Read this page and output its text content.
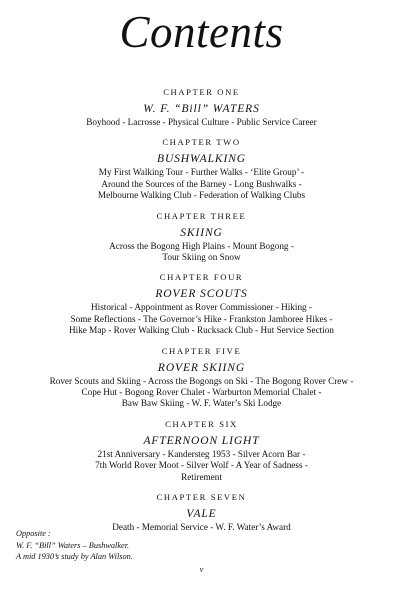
Contents
CHAPTER ONE
W. F. “Bill” WATERS
Boyhood - Lacrosse - Physical Culture - Public Service Career
CHAPTER TWO
BUSHWALKING
My First Walking Tour - Further Walks - ‘Elite Group’ -
Around the Sources of the Barney - Long Bushwalks -
Melbourne Walking Club - Federation of Walking Clubs
CHAPTER THREE
SKIING
Across the Bogong High Plains - Mount Bogong -
Tour Skiing on Snow
CHAPTER FOUR
ROVER SCOUTS
Historical - Appointment as Rover Commissioner - Hiking -
Some Reflections - The Governor’s Hike - Frankston Jamboree Hikes -
Hike Map - Rover Walking Club - Rucksack Club - Hut Service Section
CHAPTER FIVE
ROVER SKIING
Rover Scouts and Skiing - Across the Bogongs on Ski - The Bogong Rover Crew -
Cope Hut - Bogong Rover Chalet - Warburton Memorial Chalet -
Baw Baw Skiing - W. F. Water’s Ski Lodge
CHAPTER SIX
AFTERNOON LIGHT
21st Anniversary - Kandersteg 1953 - Silver Acorn Bar -
7th World Rover Moot - Silver Wolf - A Year of Sadness -
Retirement
CHAPTER SEVEN
VALE
Death - Memorial Service - W. F. Water’s Award
Opposite :
W. F. “Bill” Waters – Bushwalker.
A mid 1930’s study by Alan Wilson.
v
